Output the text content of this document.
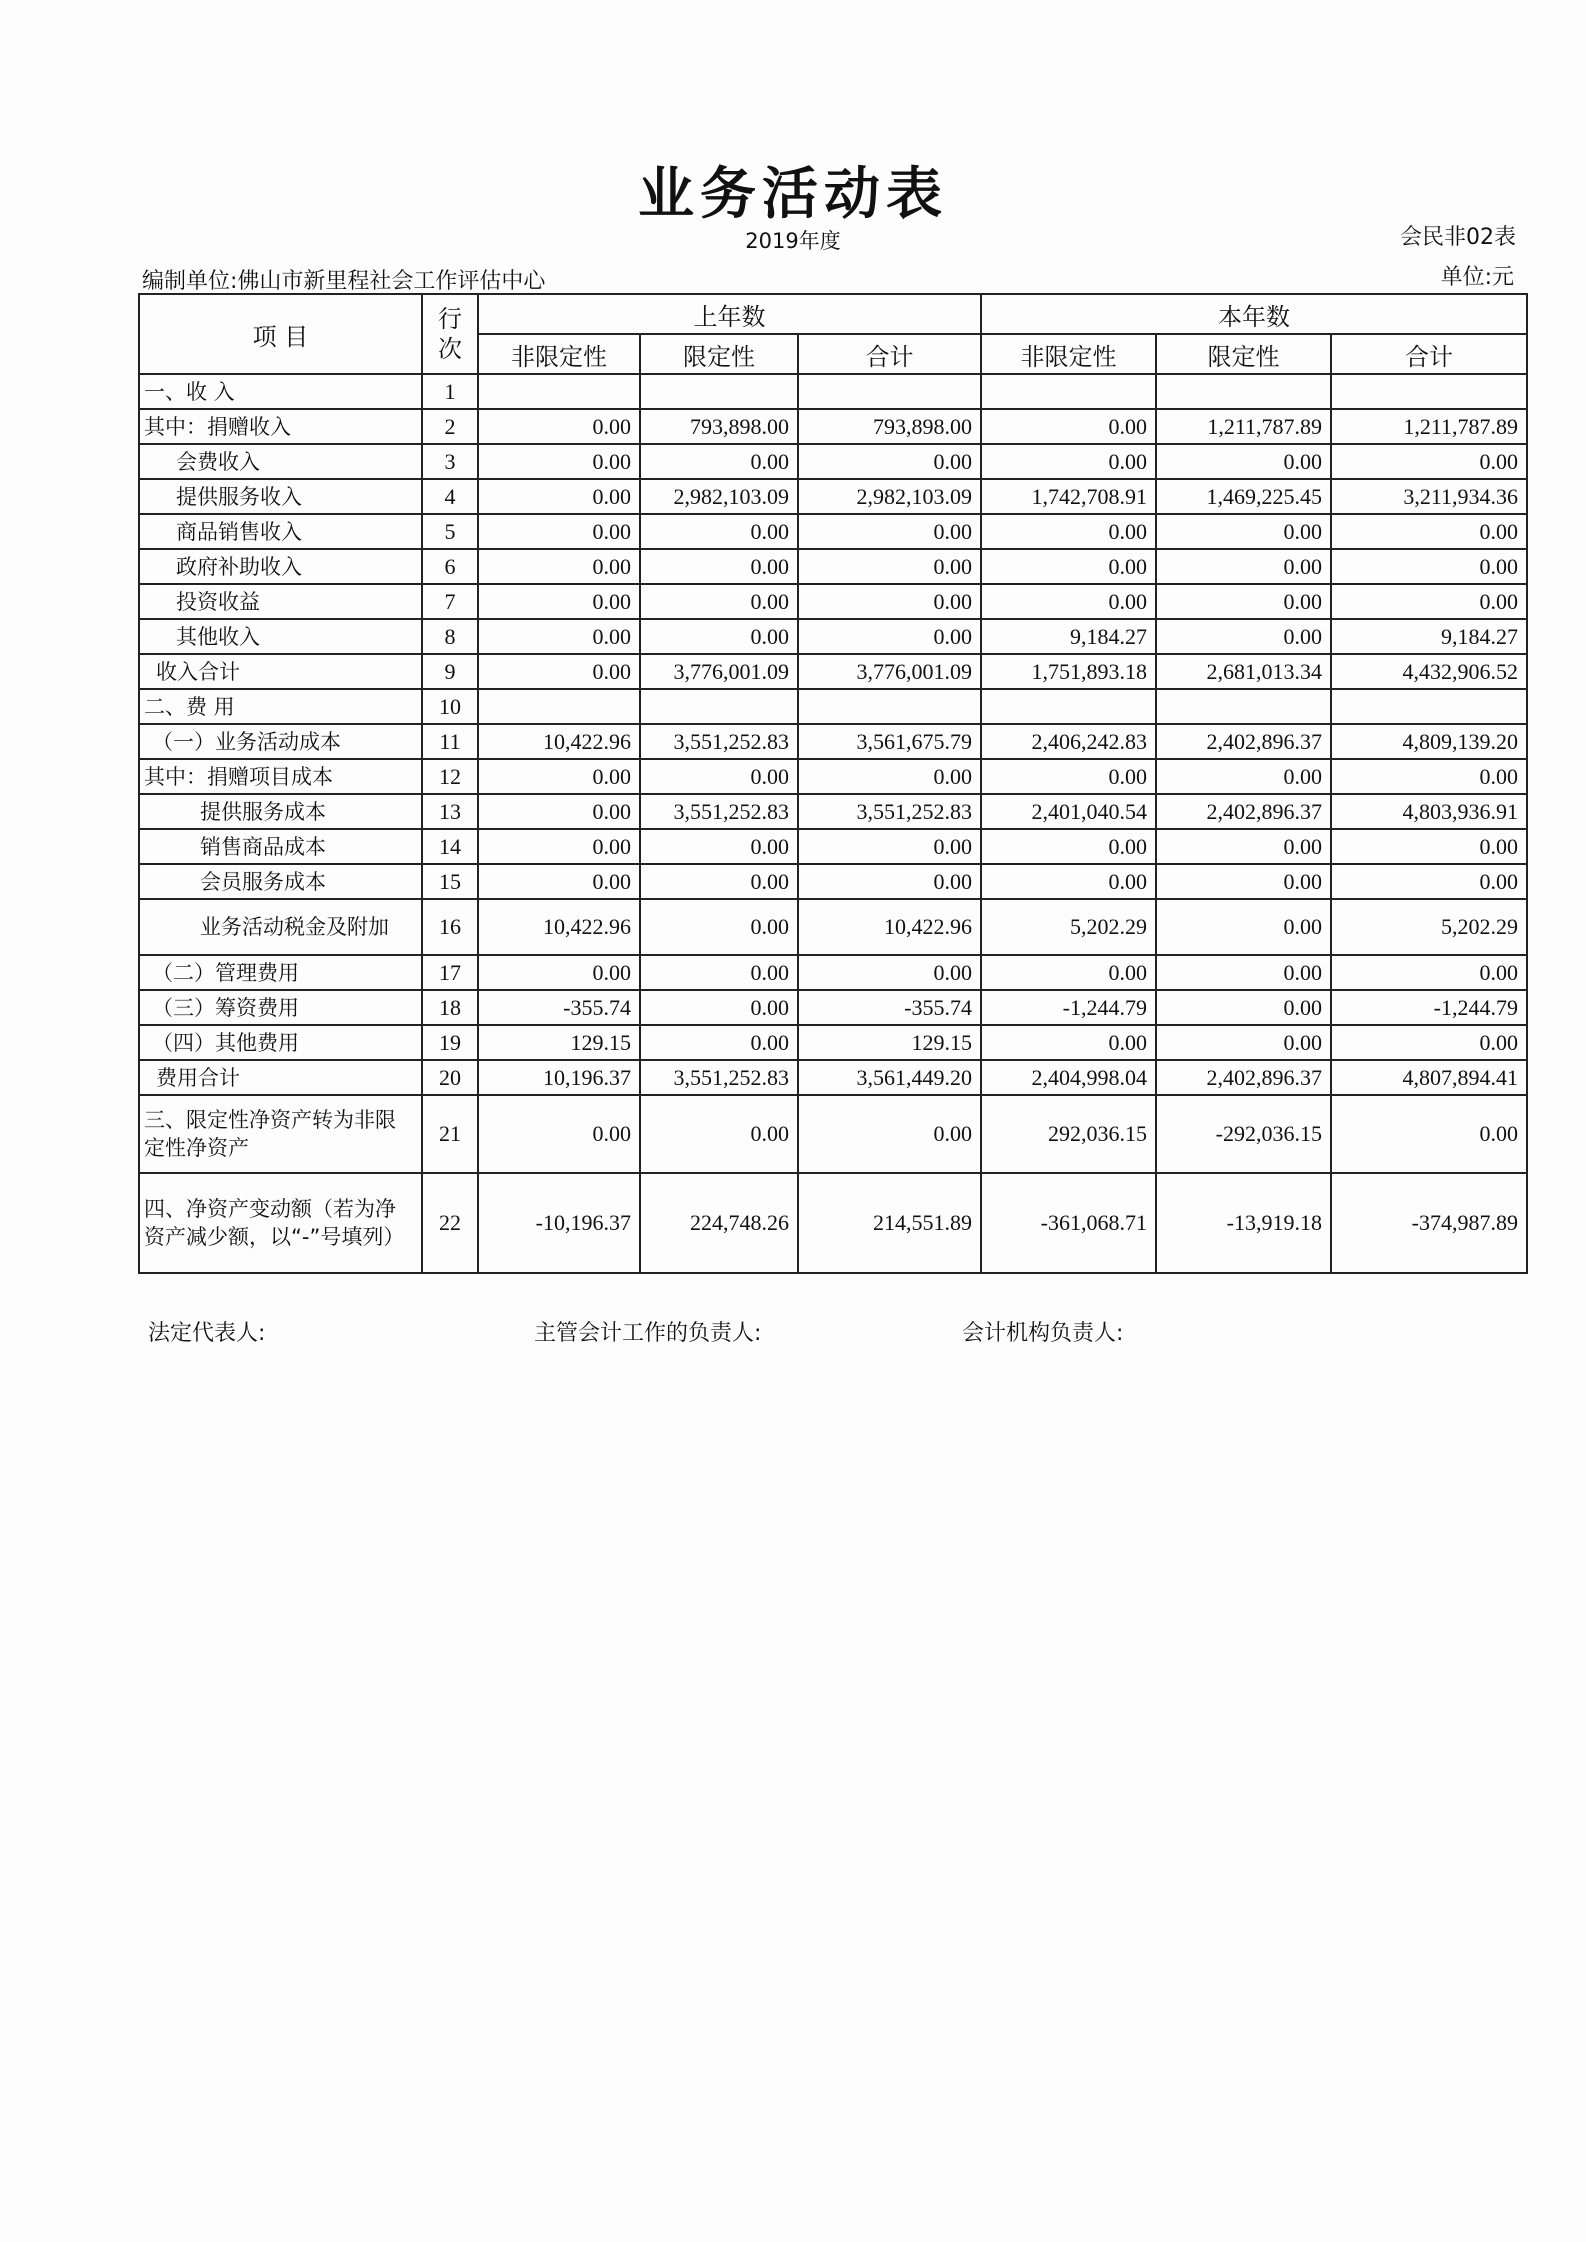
业务活动表
2019年度	会民非02表
编制单位:佛山市新里程社会工作评估中心	单位:元
项 目	行次	上年数			本年数		
		非限定性	限定性	合计	非限定性	限定性	合计
一、收 入	1						
其中：捐赠收入	2	0.00	793,898.00	793,898.00	0.00	1,211,787.89	1,211,787.89
会费收入	3	0.00	0.00	0.00	0.00	0.00	0.00
提供服务收入	4	0.00	2,982,103.09	2,982,103.09	1,742,708.91	1,469,225.45	3,211,934.36
商品销售收入	5	0.00	0.00	0.00	0.00	0.00	0.00
政府补助收入	6	0.00	0.00	0.00	0.00	0.00	0.00
投资收益	7	0.00	0.00	0.00	0.00	0.00	0.00
其他收入	8	0.00	0.00	0.00	9,184.27	0.00	9,184.27
收入合计	9	0.00	3,776,001.09	3,776,001.09	1,751,893.18	2,681,013.34	4,432,906.52
二、费 用	10						
（一）业务活动成本	11	10,422.96	3,551,252.83	3,561,675.79	2,406,242.83	2,402,896.37	4,809,139.20
其中：捐赠项目成本	12	0.00	0.00	0.00	0.00	0.00	0.00
提供服务成本	13	0.00	3,551,252.83	3,551,252.83	2,401,040.54	2,402,896.37	4,803,936.91
销售商品成本	14	0.00	0.00	0.00	0.00	0.00	0.00
会员服务成本	15	0.00	0.00	0.00	0.00	0.00	0.00
业务活动税金及附加	16	10,422.96	0.00	10,422.96	5,202.29	0.00	5,202.29
（二）管理费用	17	0.00	0.00	0.00	0.00	0.00	0.00
（三）筹资费用	18	-355.74	0.00	-355.74	-1,244.79	0.00	-1,244.79
（四）其他费用	19	129.15	0.00	129.15	0.00	0.00	0.00
费用合计	20	10,196.37	3,551,252.83	3,561,449.20	2,404,998.04	2,402,896.37	4,807,894.41
三、限定性净资产转为非限定性净资产	21	0.00	0.00	0.00	292,036.15	-292,036.15	0.00
四、净资产变动额（若为净资产减少额，以“-”号填列）	22	-10,196.37	224,748.26	214,551.89	-361,068.71	-13,919.18	-374,987.89
法定代表人:	主管会计工作的负责人:	会计机构负责人:
